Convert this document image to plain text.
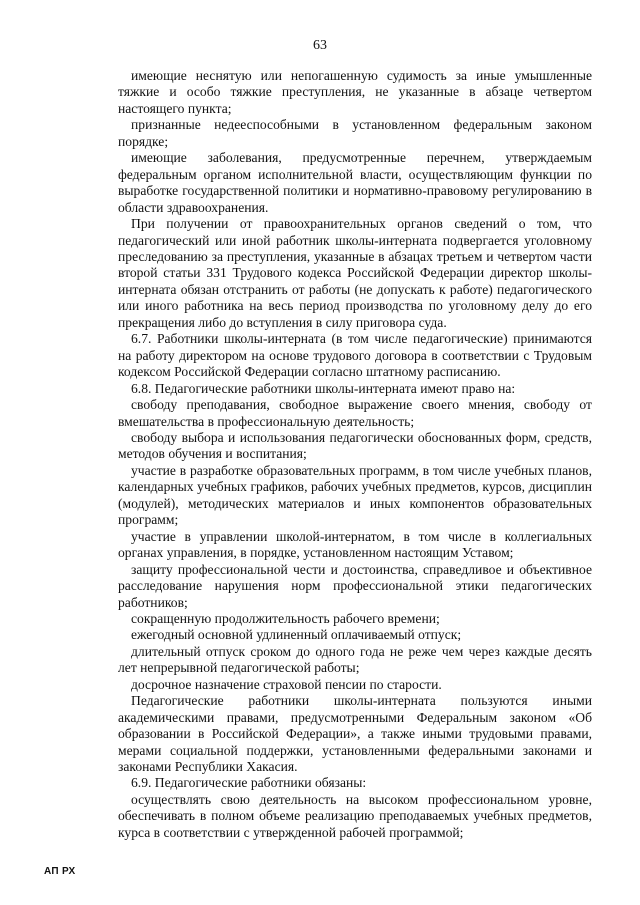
63

имеющие неснятую или непогашенную судимость за иные умышленные тяжкие и особо тяжкие преступления, не указанные в абзаце четвертом настоящего пункта;

признанные недееспособными в установленном федеральным законом порядке;

имеющие заболевания, предусмотренные перечнем, утверждаемым федеральным органом исполнительной власти, осуществляющим функции по выработке государственной политики и нормативно-правовому регулированию в области здравоохранения.

При получении от правоохранительных органов сведений о том, что педагогический или иной работник школы-интерната подвергается уголовному преследованию за преступления, указанные в абзацах третьем и четвертом части второй статьи 331 Трудового кодекса Российской Федерации директор школы-интерната обязан отстранить от работы (не допускать к работе) педагогического или иного работника на весь период производства по уголовному делу до его прекращения либо до вступления в силу приговора суда.

6.7. Работники школы-интерната (в том числе педагогические) принимаются на работу директором на основе трудового договора в соответствии с Трудовым кодексом Российской Федерации согласно штатному расписанию.

6.8. Педагогические работники школы-интерната имеют право на:

свободу преподавания, свободное выражение своего мнения, свободу от вмешательства в профессиональную деятельность;

свободу выбора и использования педагогически обоснованных форм, средств, методов обучения и воспитания;

участие в разработке образовательных программ, в том числе учебных планов, календарных учебных графиков, рабочих учебных предметов, курсов, дисциплин (модулей), методических материалов и иных компонентов образовательных программ;

участие в управлении школой-интернатом, в том числе в коллегиальных органах управления, в порядке, установленном настоящим Уставом;

защиту профессиональной чести и достоинства, справедливое и объективное расследование нарушения норм профессиональной этики педагогических работников;

сокращенную продолжительность рабочего времени;

ежегодный основной удлиненный оплачиваемый отпуск;

длительный отпуск сроком до одного года не реже чем через каждые десять лет непрерывной педагогической работы;

досрочное назначение страховой пенсии по старости.

Педагогические работники школы-интерната пользуются иными академическими правами, предусмотренными Федеральным законом «Об образовании в Российской Федерации», а также иными трудовыми правами, мерами социальной поддержки, установленными федеральными законами и законами Республики Хакасия.

6.9. Педагогические работники обязаны:

осуществлять свою деятельность на высоком профессиональном уровне, обеспечивать в полном объеме реализацию преподаваемых учебных предметов, курса в соответствии с утвержденной рабочей программой;

АП РХ
